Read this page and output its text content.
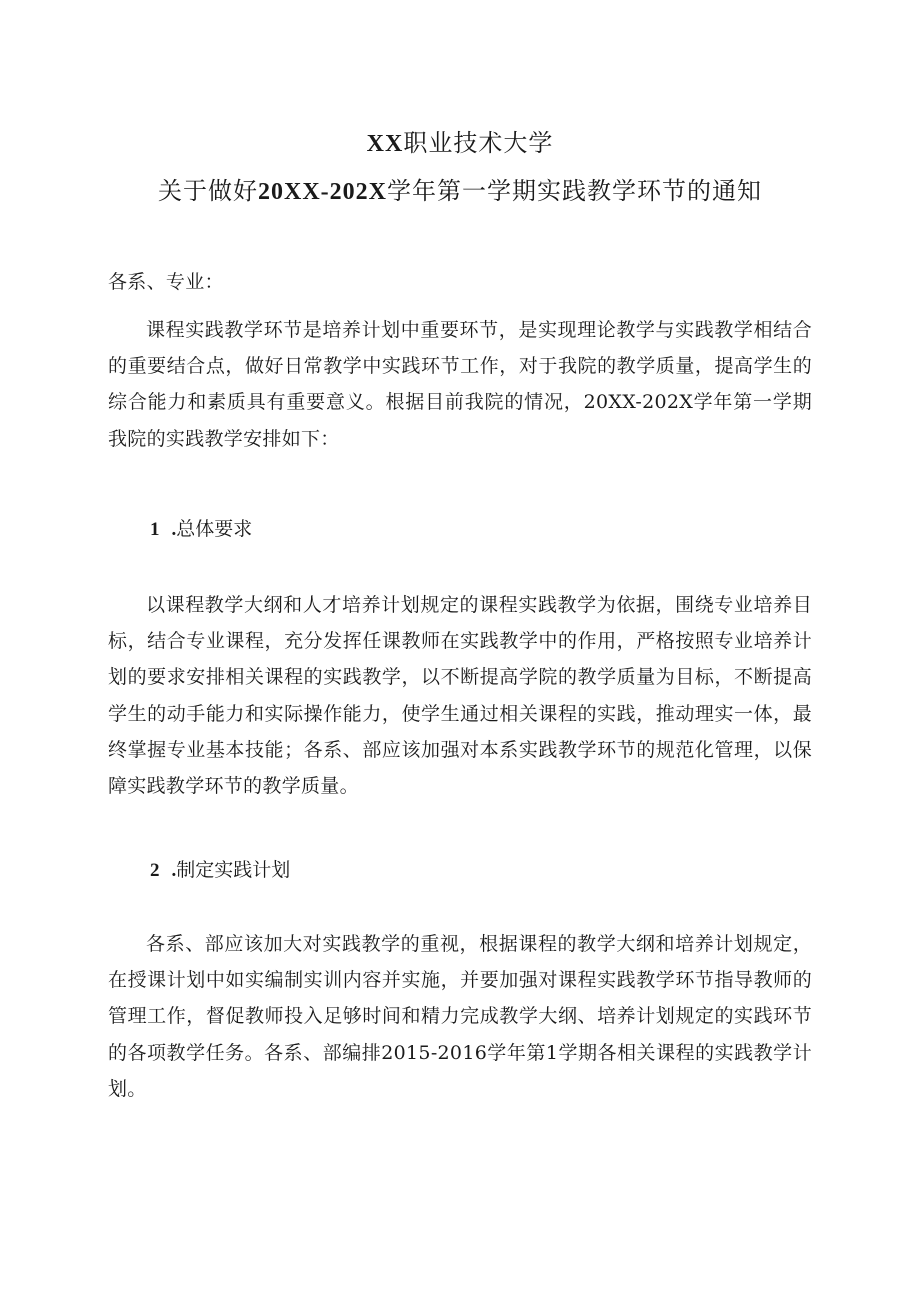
XX职业技术大学
关于做好20XX-202X学年第一学期实践教学环节的通知
各系、专业：
课程实践教学环节是培养计划中重要环节，是实现理论教学与实践教学相结合的重要结合点，做好日常教学中实践环节工作，对于我院的教学质量，提高学生的综合能力和素质具有重要意义。根据目前我院的情况，20XX-202X学年第一学期我院的实践教学安排如下：
1 .总体要求
以课程教学大纲和人才培养计划规定的课程实践教学为依据，围绕专业培养目标，结合专业课程，充分发挥任课教师在实践教学中的作用，严格按照专业培养计划的要求安排相关课程的实践教学，以不断提高学院的教学质量为目标，不断提高学生的动手能力和实际操作能力，使学生通过相关课程的实践，推动理实一体，最终掌握专业基本技能；各系、部应该加强对本系实践教学环节的规范化管理，以保障实践教学环节的教学质量。
2 .制定实践计划
各系、部应该加大对实践教学的重视，根据课程的教学大纲和培养计划规定，在授课计划中如实编制实训内容并实施，并要加强对课程实践教学环节指导教师的管理工作，督促教师投入足够时间和精力完成教学大纲、培养计划规定的实践环节的各项教学任务。各系、部编排2015-2016学年第1学期各相关课程的实践教学计划。
